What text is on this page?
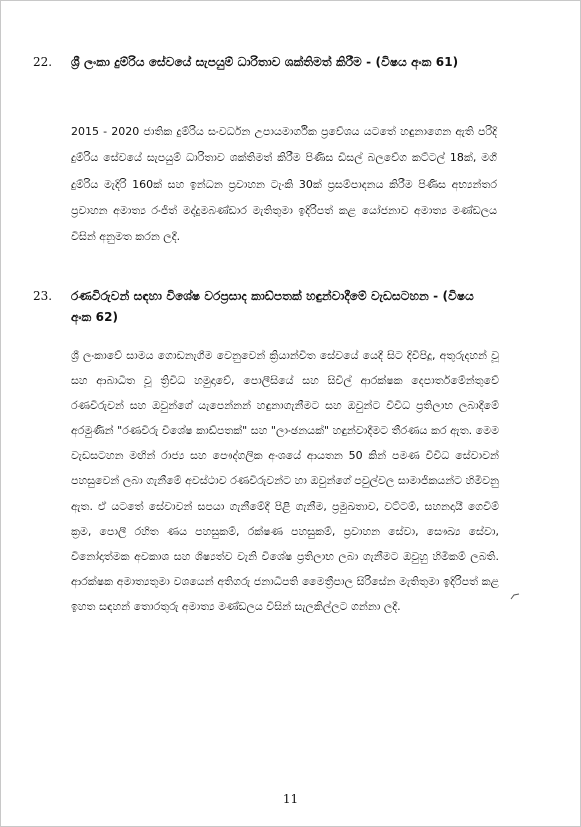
22. ශ්‍රී ලංකා දුම්රිය සේවයේ සැපයුම් ධාරිතාව ශක්තිමත් කිරීම - (විෂය අංක 61)
2015 - 2020 ජාතික දුම්රිය සංවර්ධන උපායමාර්ගික ප්‍රවේශය යටතේ හඳුනාගෙන ඇති පරිදි දුම්රිය සේවයේ සැපයුම් ධාරිතාව ශක්තිමත් කිරීම පිණිස ඩීසල් බලවේග කට්ටල් 18ක්, මගී දුම්රිය මැදිරි 160ක් සහ ඉන්ධන ප්‍රවාහන ටැංකි 30ක් ප්‍රසම්පාදනය කිරීම පිණිස අභ්‍යන්තර ප්‍රවාහන අමාත්‍ය රංජිත් මද්දුමබණ්ඩාර මැතිතුමා ඉදිරිපත් කළ යෝජනාව අමාත්‍ය මණ්ඩලය විසින් අනුමත කරන ලදී.
23. රණවිරුවන් සඳහා විශේෂ වරප්‍රසාද කාඩ්පතක් හඳුන්වාදීමේ වැඩසටහන - (විෂය අංක 62)
ශ්‍රී ලංකාවේ සාමය ගොඩනැගීම වෙනුවෙන් ක්‍රියාන්විත සේවයේ යෙදී සිට දිවිපිදූ, අතුරුදහන් වූ සහ ආබාධිත වූ ත්‍රිවිධ හමුදාවේ, පොලීසියේ සහ සිවිල් ආරක්ෂක දෙපාර්තමේන්තුවේ රණවිරුවන් සහ ඔවුන්ගේ යැපෙන්නන් හඳුනාගැනීමට සහ ඔවුන්ට විවිධ ප්‍රතිලාභ ලබාදීමේ අරමුණින් "රණවිරු විශේෂ කාඩ්පතක්" සහ "ලාංඡනයක්" හඳුන්වාදීමට තීරණය කර ඇත. මෙම වැඩසටහන මඟින් රාජ්‍ය සහ පෞද්ගලික අංශයේ ආයතන 50 කින් පමණ විවිධ සේවාවන් පහසුවෙන් ලබා ගැනීමේ අවස්ථාව රණවිරුවන්ට හා ඔවුන්ගේ පවුල්වල සාමාජිකයන්ට හිමිවනු ඇත. ඒ යටතේ සේවාවන් සපයා ගැනීමේදී පිළි ගැනීම, ප්‍රමුඛතාව, වට්ටම්, සහනදායී ගෙවීම් ක්‍රම, පොලී රහිත ණය පහසුකම්, රක්ෂණ පහසුකම්, ප්‍රවාහන සේවා, සෞඛ්‍ය සේවා, විනෝදාත්මක අවකාශ සහ ශිෂ්‍යත්ව වැනි විශේෂ ප්‍රතිලාභ ලබා ගැනීමට ඔවුහු හිමිකම් ලබති. ආරක්ෂක අමාත්‍යතුමා වශයෙන් අතිගරු ජනාධිපති මෛත්‍රීපාල සිරිසේන මැතිතුමා ඉදිරිපත් කළ ඉහත සඳහන් තොරතුරු අමාත්‍ය මණ්ඩලය විසින් සැලකිල්ලට ගන්නා ලදී.
11
